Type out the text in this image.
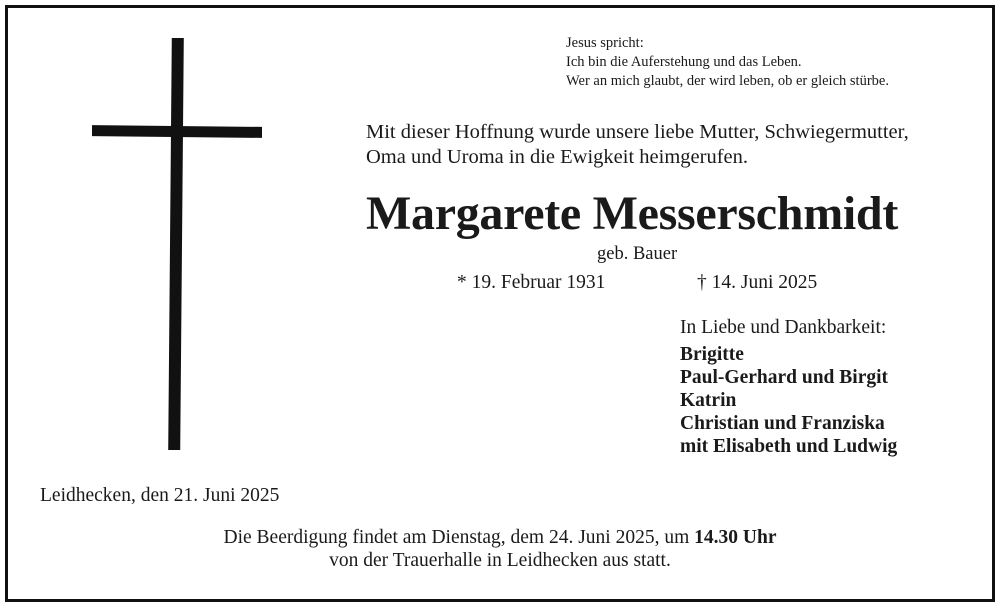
Jesus spricht:
Ich bin die Auferstehung und das Leben.
Wer an mich glaubt, der wird leben, ob er gleich stürbe.
Mit dieser Hoffnung wurde unsere liebe Mutter, Schwiegermutter,
Oma und Uroma in die Ewigkeit heimgerufen.
Margarete Messerschmidt
geb. Bauer
* 19. Februar 1931	† 14. Juni 2025
In Liebe und Dankbarkeit:
Brigitte
Paul-Gerhard und Birgit
Katrin
Christian und Franziska
mit Elisabeth und Ludwig
Leidhecken, den 21. Juni 2025
Die Beerdigung findet am Dienstag, dem 24. Juni 2025, um 14.30 Uhr
von der Trauerhalle in Leidhecken aus statt.
